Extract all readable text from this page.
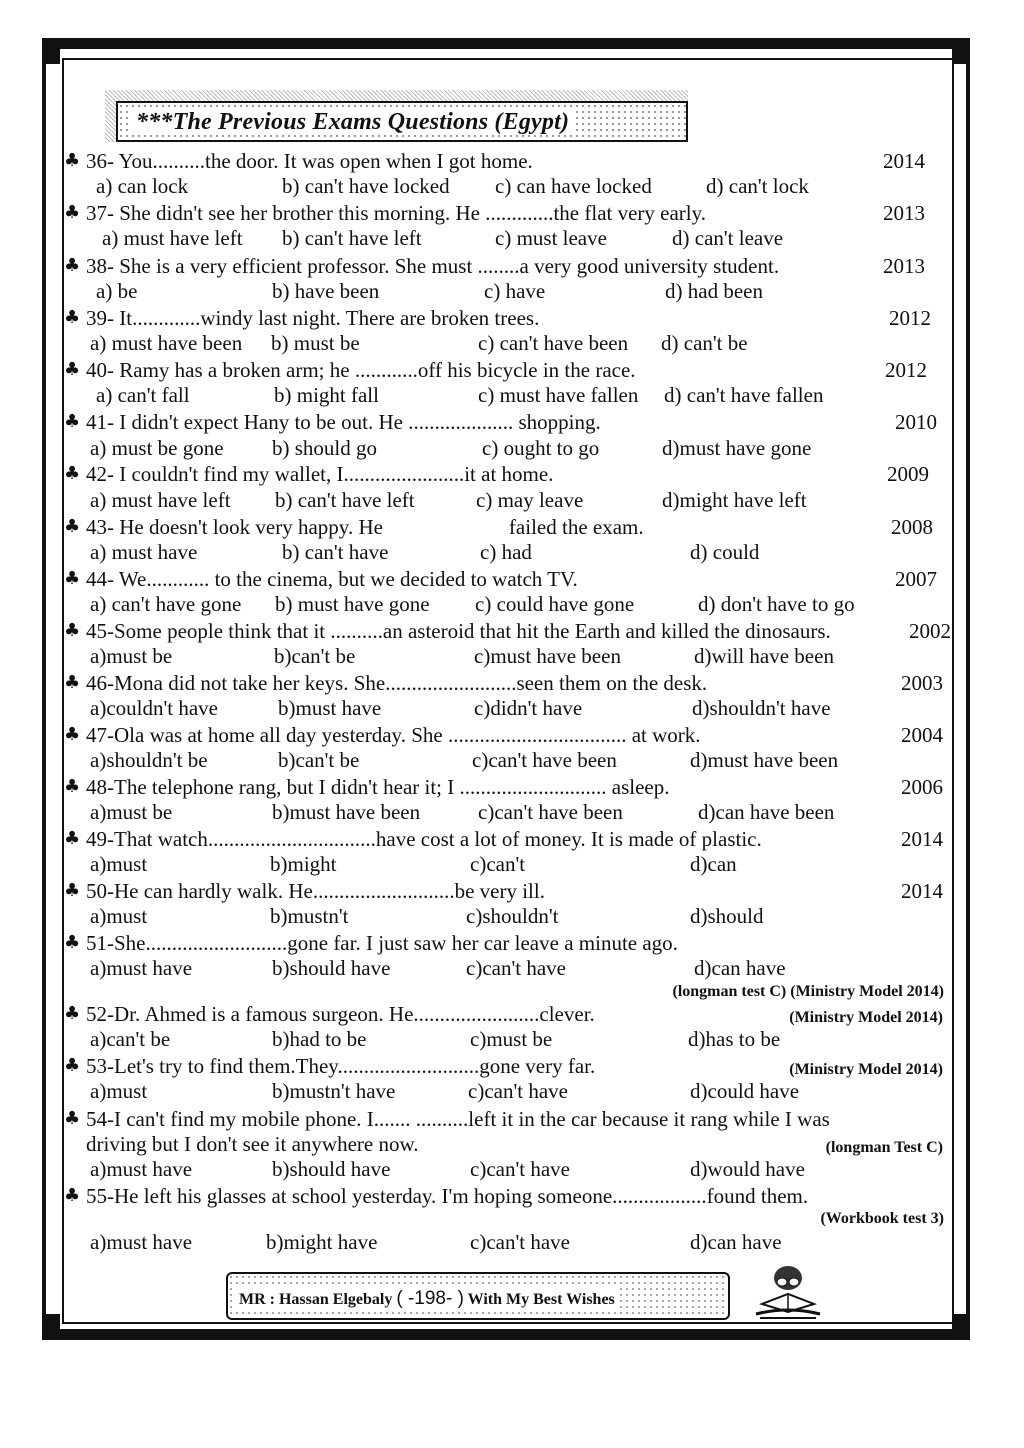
***The Previous Exams Questions (Egypt)
♣ 36- You..........the door. It was open when I got home.	2014
a) can lock	b) can't have locked c) can have locked	d) can't lock
♣ 37- She didn't see her brother this morning. He .............the flat very early.	2013
a) must have left b) can't have left	c) must leave	d) can't leave
♣ 38- She is a very efficient professor. She must ........a very good university student.	2013
a) be	b) have been	c) have	d) had been
♣ 39- It.............windy last night. There are broken trees.	2012
a) must have been b) must be	c) can't have been d) can't be
♣ 40- Ramy has a broken arm; he ............off his bicycle in the race.	2012
a) can't fall	b) might fall	c) must have fallen d) can't have fallen
♣ 41- I didn't expect Hany to be out. He .................... shopping.	2010
a) must be gone b) should go	c) ought to go	d)must have gone
♣ 42- I couldn't find my wallet, I.......................it at home.	2009
a) must have left b) can't have left	c) may leave	d)might have left
♣ 43- He doesn't look very happy. He                        failed the exam.	2008
a) must have	b) can't have	c) had	d) could
♣ 44- We............ to the cinema, but we decided to watch TV.	2007
a) can't have gone b) must have gone c) could have gone	d) don't have to go
♣ 45-Some people think that it ..........an asteroid that hit the Earth and killed the dinosaurs.	2002
a)must be	b)can't be	c)must have been	d)will have been
♣ 46-Mona did not take her keys. She.........................seen them on the desk.	2003
a)couldn't have	b)must have	c)didn't have	d)shouldn't have
♣ 47-Ola was at home all day yesterday. She .................................. at work.	2004
a)shouldn't be	b)can't be	c)can't have been	d)must have been
♣ 48-The telephone rang, but I didn't hear it; I ............................ asleep.	2006
a)must be	b)must have been	c)can't have been	d)can have been
♣ 49-That watch................................have cost a lot of money. It is made of plastic.	2014
a)must	b)might	c)can't	d)can
♣ 50-He can hardly walk. He...........................be very ill.	2014
a)must	b)mustn't	c)shouldn't	d)should
♣ 51-She...........................gone far. I just saw her car leave a minute ago.
a)must have	b)should have	c)can't have	d)can have
(longman test C) (Ministry Model 2014)
♣ 52-Dr. Ahmed is a famous surgeon. He........................clever.	(Ministry Model 2014)
a)can't be	b)had to be	c)must be	d)has to be
♣ 53-Let's try to find them.They...........................gone very far.	(Ministry Model 2014)
a)must	b)mustn't have	c)can't have	d)could have
♣ 54-I can't find my mobile phone. I....... ..........left it in the car because it rang while I was
driving but I don't see it anywhere now.	(longman Test C)
a)must have	b)should have	c)can't have	d)would have
♣ 55-He left his glasses at school yesterday. I'm hoping someone..................found them.
(Workbook test 3)
a)must have	b)might have	c)can't have	d)can have
MR : Hassan Elgebaly ( -198- ) With My Best Wishes
